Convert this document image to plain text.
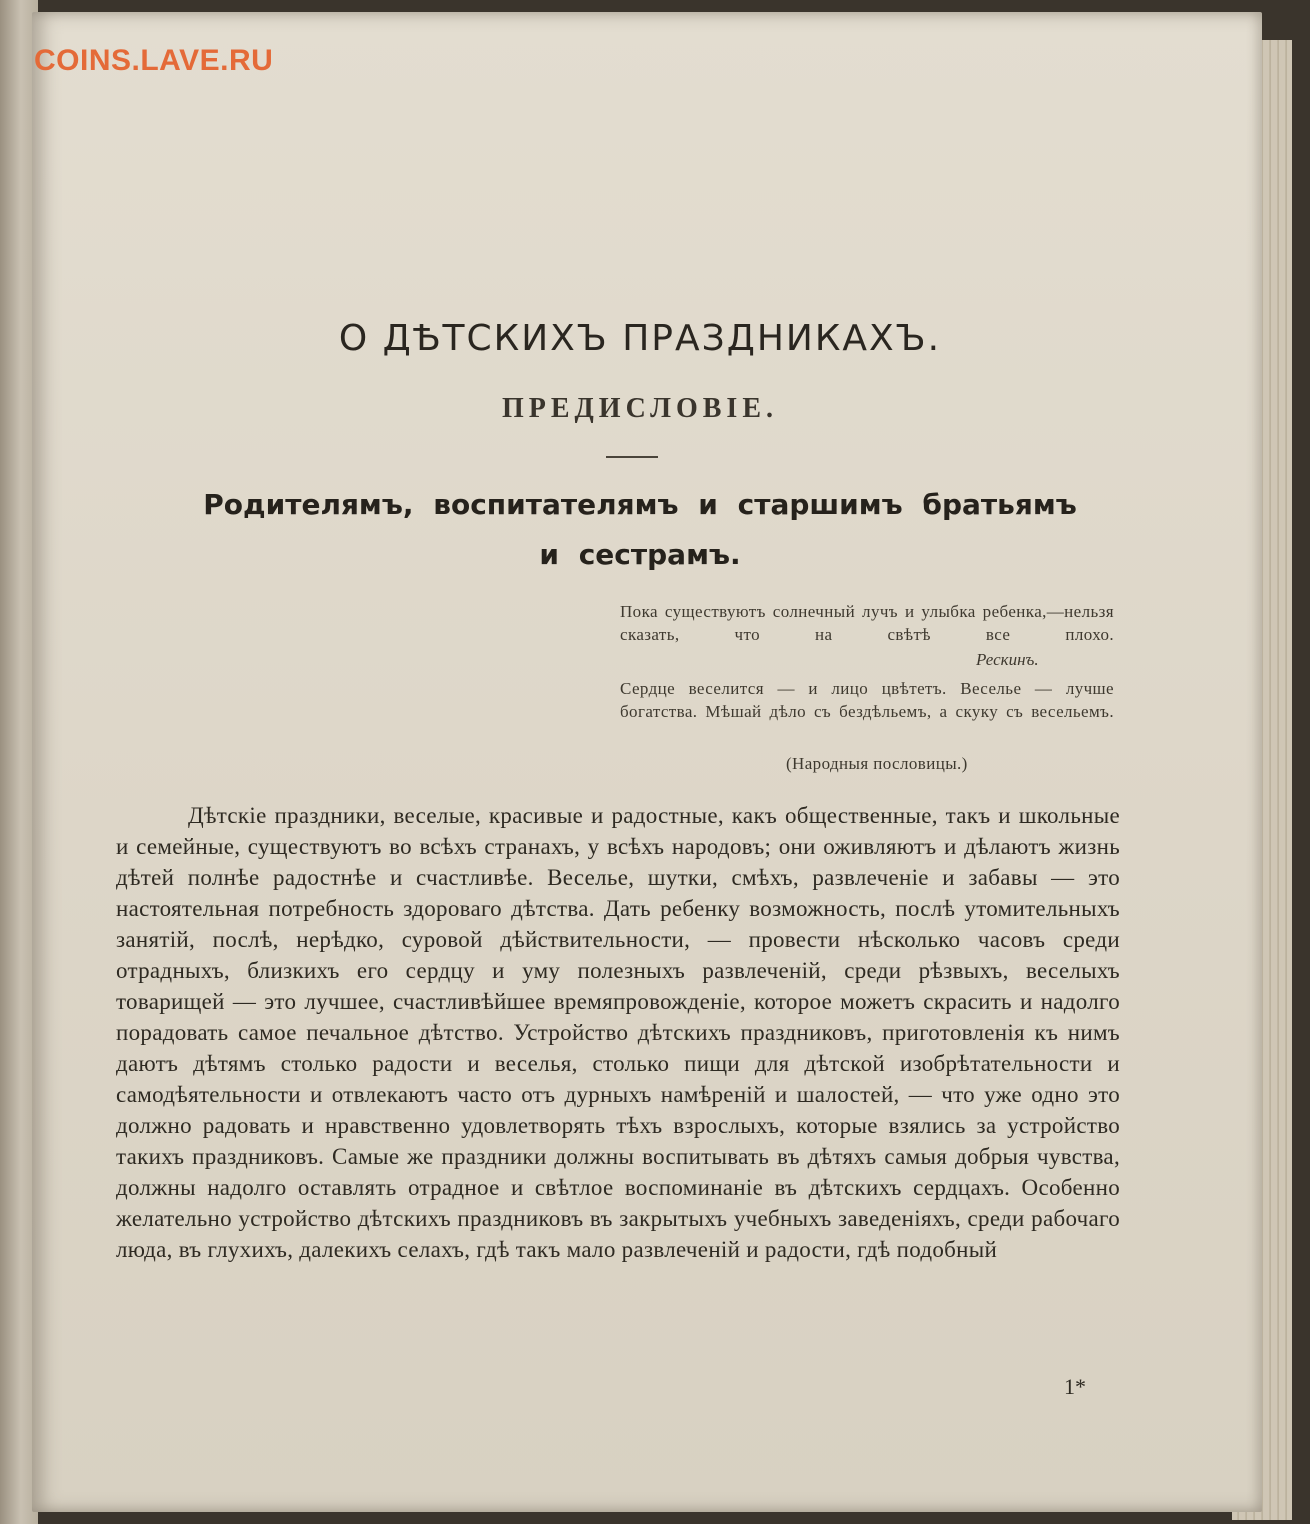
COINS.LAVE.RU

О ДѢТСКИХЪ ПРАЗДНИКАХЪ.
ПРЕДИСЛОВІЕ.

Родителямъ, воспитателямъ и старшимъ братьямъ и сестрамъ.

Пока существуютъ солнечный лучъ и улыбка ребенка,—нельзя сказать, что на свѣтѣ все плохо.

Рескинъ.

Сердце веселится — и лицо цвѣтетъ. Веселье — лучше богатства. Мѣшай дѣло съ бездѣльемъ, а скуку съ весельемъ.

(Народныя пословицы.)

Дѣтскіе праздники, веселые, красивые и радостные, какъ общественные, такъ и школьные и семейные, существуютъ во всѣхъ странахъ, у всѣхъ народовъ; они оживляютъ и дѣлаютъ жизнь дѣтей полнѣе радостнѣе и счастливѣе. Веселье, шутки, смѣхъ, развлеченіе и забавы — это настоятельная потребность здороваго дѣтства. Дать ребенку возможность, послѣ утомительныхъ занятій, послѣ, нерѣдко, суровой дѣйствительности, — провести нѣсколько часовъ среди отрадныхъ, близкихъ его сердцу и уму полезныхъ развлеченій, среди рѣзвыхъ, веселыхъ товарищей — это лучшее, счастливѣйшее времяпровожденіе, которое можетъ скрасить и надолго порадовать самое печальное дѣтство. Устройство дѣтскихъ праздниковъ, приготовленія къ нимъ даютъ дѣтямъ столько радости и веселья, столько пищи для дѣтской изобрѣтательности и самодѣятельности и отвлекаютъ часто отъ дурныхъ намѣреній и шалостей, — что уже одно это должно радовать и нравственно удовлетворять тѣхъ взрослыхъ, которые взялись за устройство такихъ праздниковъ. Самые же праздники должны воспитывать въ дѣтяхъ самыя добрыя чувства, должны надолго оставлять отрадное и свѣтлое воспоминаніе въ дѣтскихъ сердцахъ. Особенно желательно устройство дѣтскихъ праздниковъ въ закрытыхъ учебныхъ заведеніяхъ, среди рабочаго люда, въ глухихъ, далекихъ селахъ, гдѣ такъ мало развлеченій и радости, гдѣ подобный

1*
